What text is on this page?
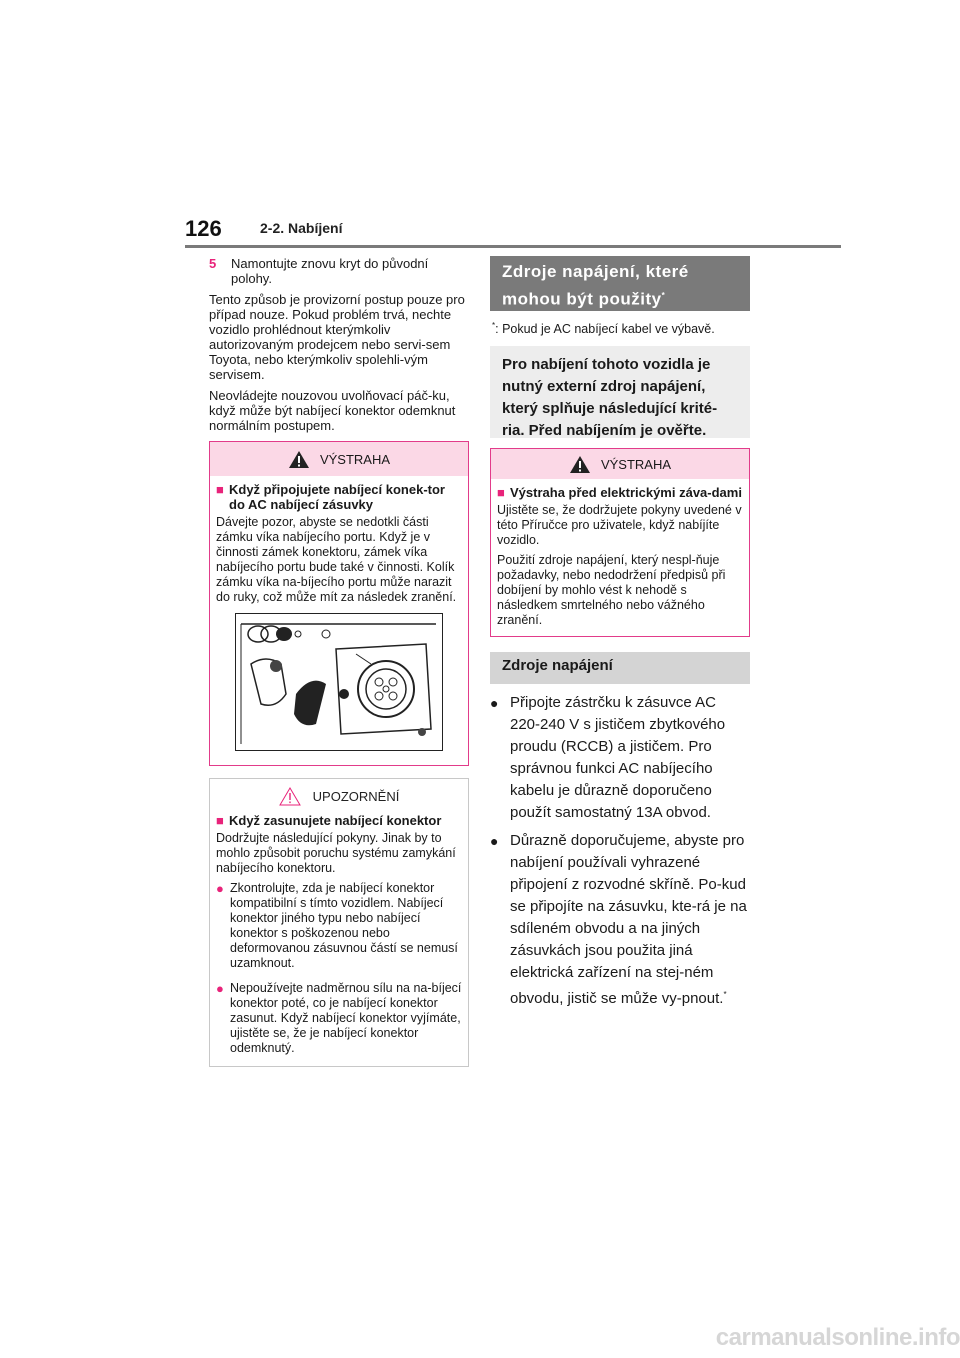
126	2-2. Nabíjení
5	Namontujte znovu kryt do původní polohy.

Tento způsob je provizorní postup pouze pro případ nouze. Pokud problém trvá, nechte vozidlo prohlédnout kterýmkoliv autorizovaným prodejcem nebo servi-sem Toyota, nebo kterýmkoliv spolehli-vým servisem.

Neovládejte nouzovou uvolňovací páč-ku, když může být nabíjecí konektor odemknut normálním postupem.

VÝSTRAHA
■ Když připojujete nabíjecí konek-tor do AC nabíjecí zásuvky

Dávejte pozor, abyste se nedotkli části zámku víka nabíjecího portu. Když je v činnosti zámek konektoru, zámek víka nabíjecího portu bude také v činnosti. Kolík zámku víka na-bíjecího portu může narazit do ruky, což může mít za následek zranění.

UPOZORNĚNÍ
■ Když zasunujete nabíjecí konektor

Dodržujte následující pokyny. Jinak by to mohlo způsobit poruchu systému zamykání nabíjecího konektoru.

● Zkontrolujte, zda je nabíjecí konektor kompatibilní s tímto vozidlem. Nabíjecí konektor jiného typu nebo nabíjecí konektor s poškozenou nebo deformovanou zásuvnou částí se nemusí uzamknout.
● Nepoužívejte nadměrnou sílu na na-bíjecí konektor poté, co je nabíjecí konektor zasunut. Když nabíjecí konektor vyjímáte, ujistěte se, že je nabíjecí konektor odemknutý.
Zdroje napájení, které mohou být použity*

*: Pokud je AC nabíjecí kabel ve výbavě.

Pro nabíjení tohoto vozidla je nutný externí zdroj napájení, který splňuje následující krité-ria. Před nabíjením je ověřte.
VÝSTRAHA
■ Výstraha před elektrickými záva-dami

Ujistěte se, že dodržujete pokyny uvedené v této Příručce pro uživatele, když nabíjíte vozidlo.

Použití zdroje napájení, který nespl-ňuje požadavky, nebo nedodržení předpisů při dobíjení by mohlo vést k nehodě s následkem smrtelného nebo vážného zranění.

Zdroje napájení
● Připojte zástrčku k zásuvce AC 220-240 V s jističem zbytkového proudu (RCCB) a jističem. Pro správnou funkci AC nabíjecího kabelu je důrazně doporučeno použít samostatný 13A obvod.
● Důrazně doporučujeme, abyste pro nabíjení používali vyhrazené připojení z rozvodné skříně. Po-kud se připojíte na zásuvku, kte-rá je na sdíleném obvodu a na jiných zásuvkách jsou použita jiná elektrická zařízení na stej-ném obvodu, jistič se může vy-pnout.*
carmanualsonline.info
